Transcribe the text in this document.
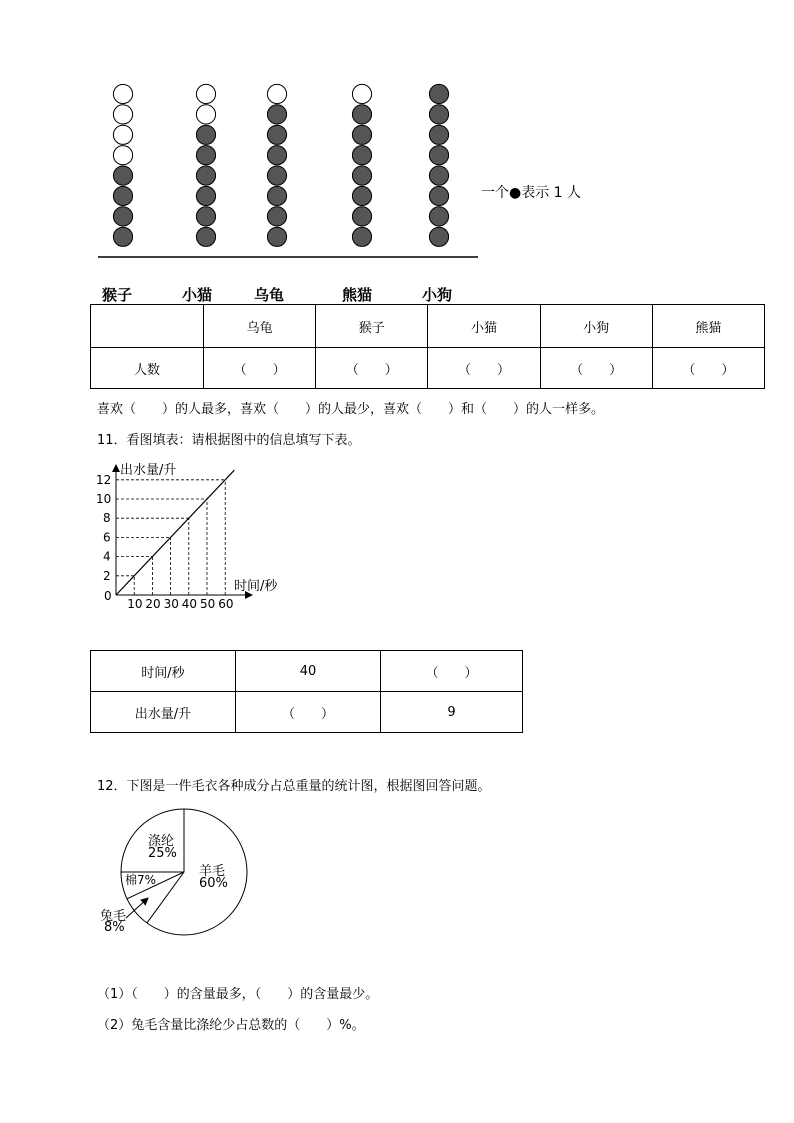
一个●表示 1 人
猴子	小猫	乌龟	熊猫	小狗
	乌龟	猴子	小猫	小狗	熊猫
人数	（　　）	（　　）	（　　）	（　　）	（　　）
喜欢（　　）的人最多，喜欢（　　）的人最少，喜欢（　　）和（　　）的人一样多。
11．看图填表：请根据图中的信息填写下表。
出水量/升
时间/秒
0
10 20 30 40 50 60
2
4
6
8
10
12
时间/秒	40	（　　）
出水量/升	（　　）	9
12．下图是一件毛衣各种成分占总重量的统计图，根据图回答问题。
羊毛
60%
涤纶
25%
棉7%
兔毛
8%
（1）（　　）的含量最多，（　　）的含量最少。
（2）兔毛含量比涤纶少占总数的（　　）%。
